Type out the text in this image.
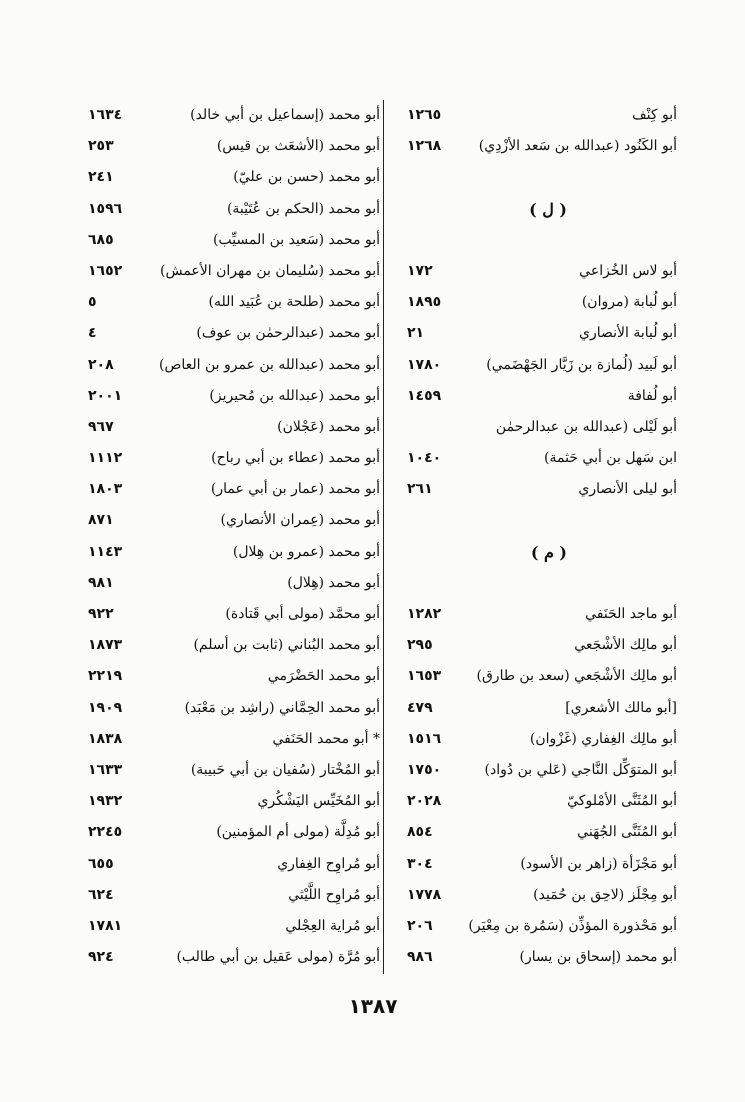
أبو كِنْف
١٢٦٥
أبو الكَنُود (عبدالله بن سَعد الأزْدِي)
١٢٦٨
( ل )
أبو لاس الخُزاعي
١٧٢
أبو لُبابة (مروان)
١٨٩٥
أبو لُبابة الأنصاري
٢١
أبو لَبيد (لُمازة بن زَيَّار الجَهْضَمي)
١٧٨٠
أبو لُفافة
١٤٥٩
أبو لَيْلى (عبدالله بن عبدالرحمٰن
ابن سَهل بن أبي حَثمة)
١٠٤٠
أبو ليلى الأنصاري
٢٦١
( م )
أبو ماجد الحَنَفي
١٢٨٢
أبو مالِك الأشْجَعي
٢٩٥
أبو مالِك الأشْجَعي (سعد بن طارق)
١٦٥٣
[أبو مالك الأشعري]
٤٧٩
أبو مالِك الغِفاري (غَزْوان)
١٥١٦
أبو المتوَكِّل النَّاجي (عَلي بن دُواد)
١٧٥٠
أبو المُثَنَّى الأمْلوكيّ
٢٠٢٨
أبو المُثَنَّى الجُهَني
٨٥٤
أبو مَجْزَأة (زاهر بن الأسود)
٣٠٤
أبو مِجْلَز (لاحِق بن حُمَيد)
١٧٧٨
أبو مَحْذورة المؤذِّن (سَمُرة بن مِعْيَر)
٢٠٦
أبو محمد (إسحاق بن يسار)
٩٨٦
أبو محمد (إسماعيل بن أبي خالد)
١٦٣٤
أبو محمد (الأشعَث بن قيس)
٢٥٣
أبو محمد (حسن بن عليّ)
٢٤١
أبو محمد (الحكم بن عُتَيْبة)
١٥٩٦
أبو محمد (سَعيد بن المسيِّب)
٦٨٥
أبو محمد (سُليمان بن مهران الأعمش)
١٦٥٢
أبو محمد (طلحة بن عُبَيد الله)
٥
أبو محمد (عبدالرحمٰن بن عوف)
٤
أبو محمد (عبدالله بن عمرو بن العاص)
٢٠٨
أبو محمد (عبدالله بن مُحيريز)
٢٠٠١
أبو محمد (عَجْلان)
٩٦٧
أبو محمد (عطاء بن أبي رباح)
١١١٢
أبو محمد (عمار بن أبي عمار)
١٨٠٣
أبو محمد (عِمران الأنصاري)
٨٧١
أبو محمد (عمرو بن هِلال)
١١٤٣
أبو محمد (هِلال)
٩٨١
أبو محمَّد (مولى أبي قَتادة)
٩٢٢
أبو محمد البُناني (ثابت بن أسلم)
١٨٧٣
أبو محمد الحَضْرَمي
٢٢١٩
أبو محمد الحِمَّاني (راشِد بن مَعْبَد)
١٩٠٩
* أبو محمد الحَنَفي
١٨٣٨
أبو المُخْتار (سُفيان بن أبي حَبيبة)
١٦٣٣
أبو المُخَيِّس اليَشْكُري
١٩٣٢
أبو مُدِلَّة (مولى أم المؤمنين)
٢٢٤٥
أبو مُراوِح الغِفاري
٦٥٥
أبو مُراوِح اللَّيْثي
٦٢٤
أبو مُراية العِجْلي
١٧٨١
أبو مُرَّة (مولى عَقيل بن أبي طالب)
٩٢٤
١٣٨٧
